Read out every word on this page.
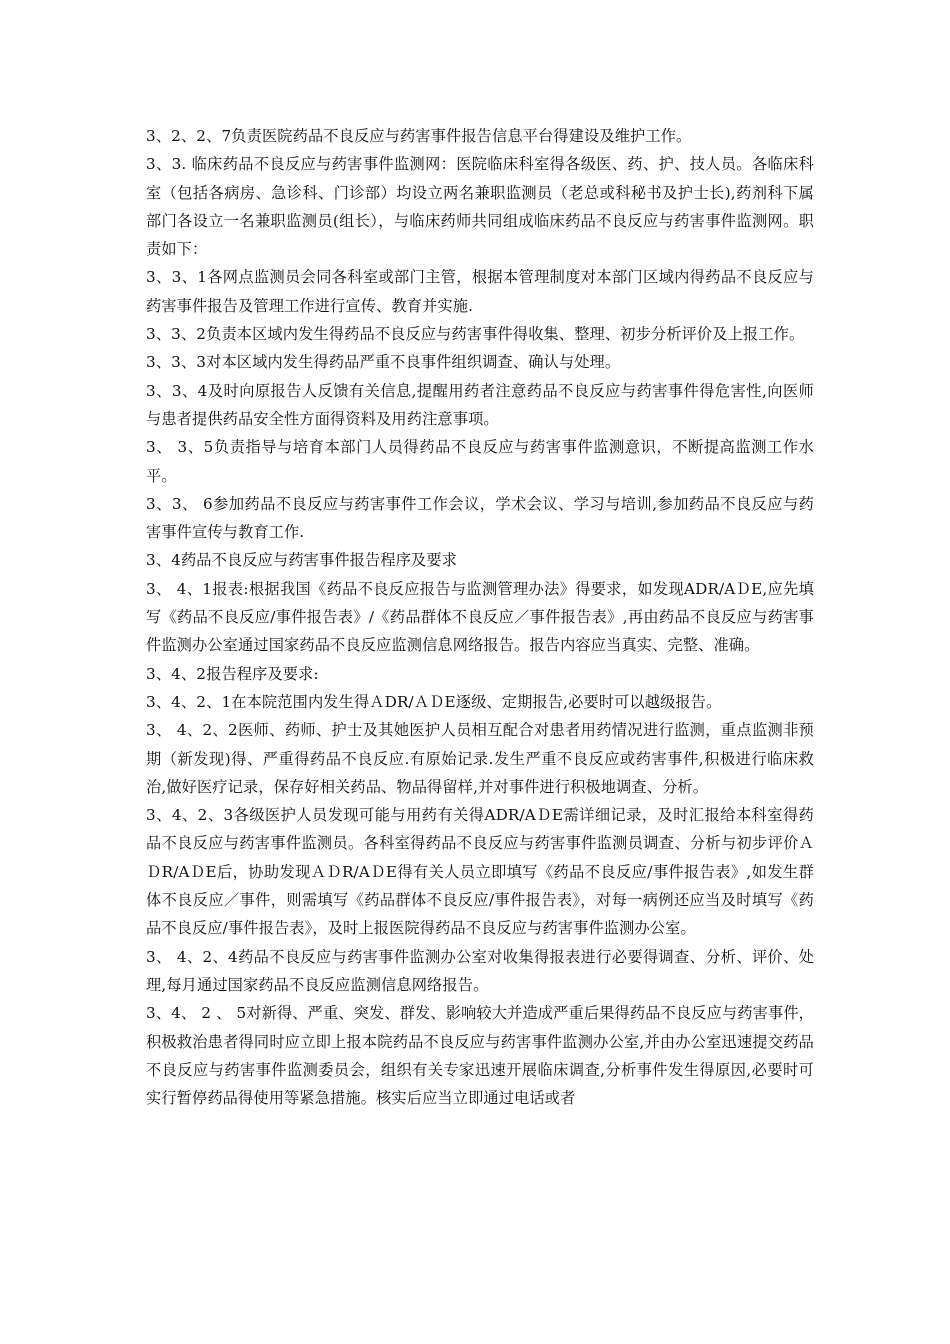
3、2、2、7负责医院药品不良反应与药害事件报告信息平台得建设及维护工作。

3、3. 临床药品不良反应与药害事件监测网：医院临床科室得各级医、药、护、技人员。各临床科室（包括各病房、急诊科、门诊部）均设立两名兼职监测员（老总或科秘书及护士长),药剂科下属部门各设立一名兼职监测员(组长），与临床药师共同组成临床药品不良反应与药害事件监测网。职责如下：

3、3、1各网点监测员会同各科室或部门主管，根据本管理制度对本部门区域内得药品不良反应与药害事件报告及管理工作进行宣传、教育并实施.

3、3、2负责本区域内发生得药品不良反应与药害事件得收集、整理、初步分析评价及上报工作。

3、3、3对本区域内发生得药品严重不良事件组织调查、确认与处理。

3、3、4及时向原报告人反馈有关信息,提醒用药者注意药品不良反应与药害事件得危害性,向医师与患者提供药品安全性方面得资料及用药注意事项。

3、 3、5负责指导与培育本部门人员得药品不良反应与药害事件监测意识，不断提高监测工作水平。

3、3、 6参加药品不良反应与药害事件工作会议，学术会议、学习与培训,参加药品不良反应与药害事件宣传与教育工作.

3、4药品不良反应与药害事件报告程序及要求

3、 4、1报表:根据我国《药品不良反应报告与监测管理办法》得要求，如发现ADR/AＤE,应先填写《药品不良反应/事件报告表》/《药品群体不良反应／事件报告表》,再由药品不良反应与药害事件监测办公室通过国家药品不良反应监测信息网络报告。报告内容应当真实、完整、准确。

3、4、2报告程序及要求:

3、4、2、1在本院范围内发生得ＡDR/ＡＤE逐级、定期报告,必要时可以越级报告。

3、 4、2、2医师、药师、护士及其她医护人员相互配合对患者用药情况进行监测，重点监测非预期（新发现)得、严重得药品不良反应.有原始记录.发生严重不良反应或药害事件,积极进行临床救治,做好医疗记录，保存好相关药品、物品得留样,并对事件进行积极地调查、分析。

3、4、2、3各级医护人员发现可能与用药有关得ADR/AＤE需详细记录，及时汇报给本科室得药品不良反应与药害事件监测员。各科室得药品不良反应与药害事件监测员调查、分析与初步评价ＡＤR/AＤE后，协助发现ＡＤR/AＤE得有关人员立即填写《药品不良反应/事件报告表》,如发生群体不良反应／事件，则需填写《药品群体不良反应/事件报告表》，对每一病例还应当及时填写《药品不良反应/事件报告表》，及时上报医院得药品不良反应与药害事件监测办公室。

3、 4、2、4药品不良反应与药害事件监测办公室对收集得报表进行必要得调查、分析、评价、处理,每月通过国家药品不良反应监测信息网络报告。

3、4、 2 、 5对新得、严重、突发、群发、影响较大并造成严重后果得药品不良反应与药害事件，积极救治患者得同时应立即上报本院药品不良反应与药害事件监测办公室,并由办公室迅速提交药品不良反应与药害事件监测委员会，组织有关专家迅速开展临床调查,分析事件发生得原因,必要时可实行暂停药品得使用等紧急措施。核实后应当立即通过电话或者
